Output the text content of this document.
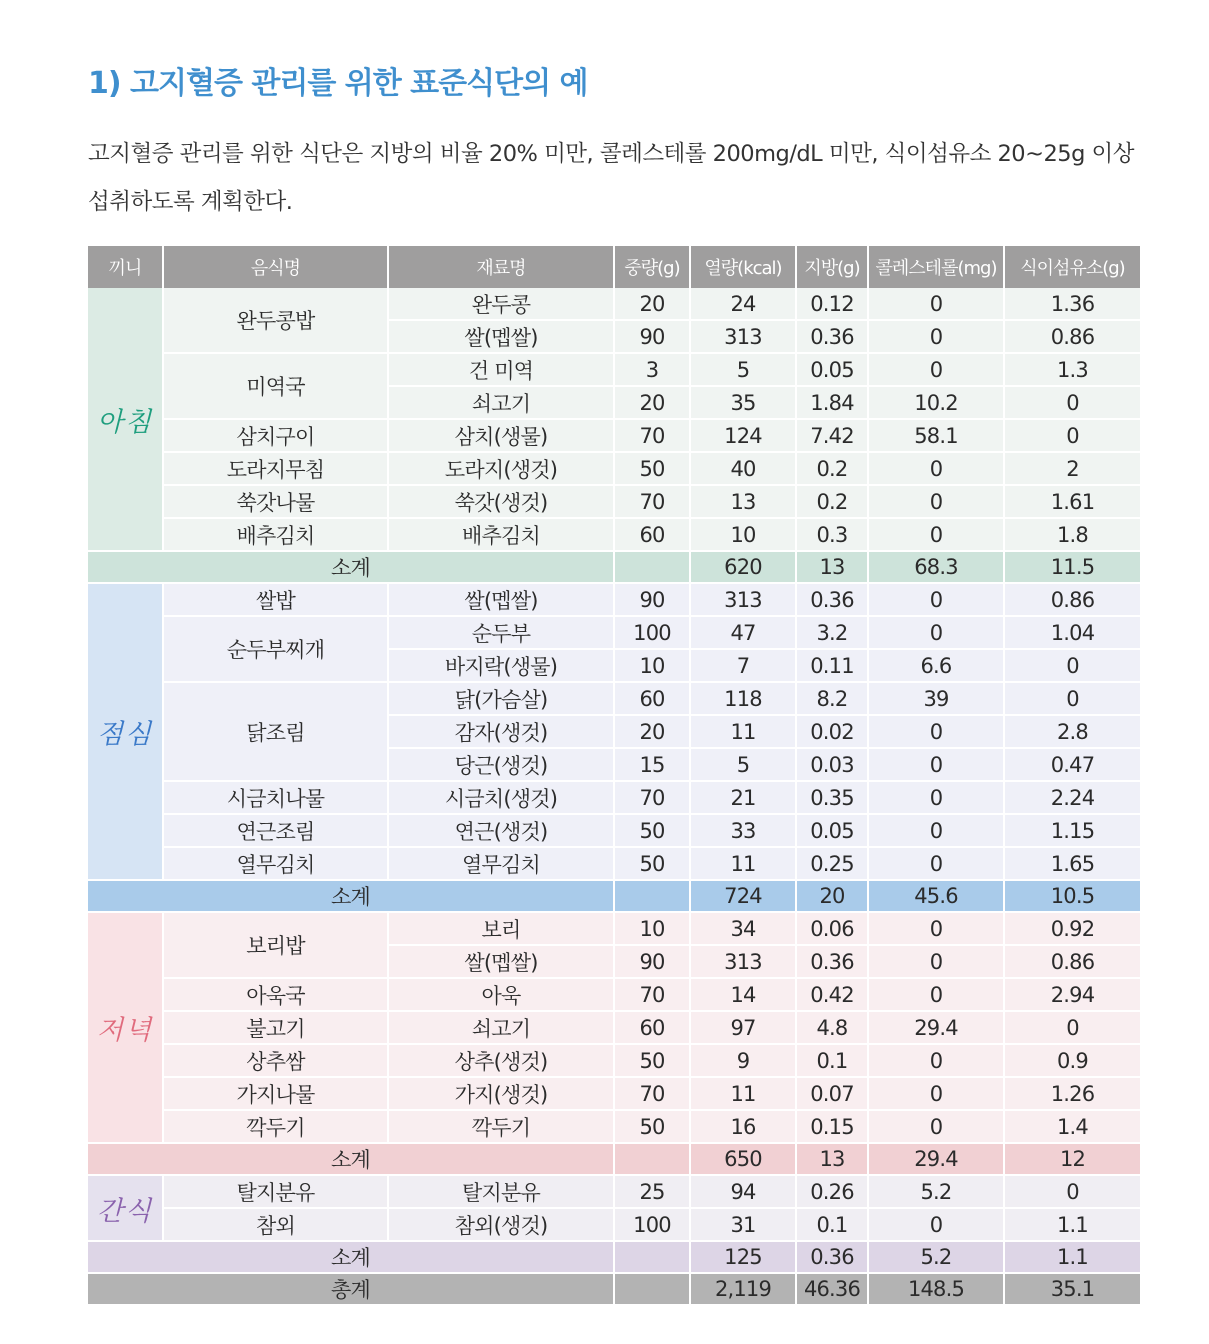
1) 고지혈증 관리를 위한 표준식단의 예
고지혈증 관리를 위한 식단은 지방의 비율 20% 미만, 콜레스테롤 200mg/dL 미만, 식이섬유소 20~25g 이상 섭취하도록 계획한다.
끼니	음식명	재료명	중량(g)	열량(kcal)	지방(g)	콜레스테롤(mg)	식이섬유소(g)
아침	완두콩밥	완두콩	20	24	0.12	0	1.36
		쌀(멥쌀)	90	313	0.36	0	0.86
	미역국	건 미역	3	5	0.05	0	1.3
		쇠고기	20	35	1.84	10.2	0
	삼치구이	삼치(생물)	70	124	7.42	58.1	0
	도라지무침	도라지(생것)	50	40	0.2	0	2
	쑥갓나물	쑥갓(생것)	70	13	0.2	0	1.61
	배추김치	배추김치	60	10	0.3	0	1.8
소계				620	13	68.3	11.5
점심	쌀밥	쌀(멥쌀)	90	313	0.36	0	0.86
	순두부찌개	순두부	100	47	3.2	0	1.04
		바지락(생물)	10	7	0.11	6.6	0
	닭조림	닭(가슴살)	60	118	8.2	39	0
		감자(생것)	20	11	0.02	0	2.8
		당근(생것)	15	5	0.03	0	0.47
	시금치나물	시금치(생것)	70	21	0.35	0	2.24
	연근조림	연근(생것)	50	33	0.05	0	1.15
	열무김치	열무김치	50	11	0.25	0	1.65
소계				724	20	45.6	10.5
저녁	보리밥	보리	10	34	0.06	0	0.92
		쌀(멥쌀)	90	313	0.36	0	0.86
	아욱국	아욱	70	14	0.42	0	2.94
	불고기	쇠고기	60	97	4.8	29.4	0
	상추쌈	상추(생것)	50	9	0.1	0	0.9
	가지나물	가지(생것)	70	11	0.07	0	1.26
	깍두기	깍두기	50	16	0.15	0	1.4
소계				650	13	29.4	12
간식	탈지분유	탈지분유	25	94	0.26	5.2	0
	참외	참외(생것)	100	31	0.1	0	1.1
소계				125	0.36	5.2	1.1
총계				2,119	46.36	148.5	35.1
